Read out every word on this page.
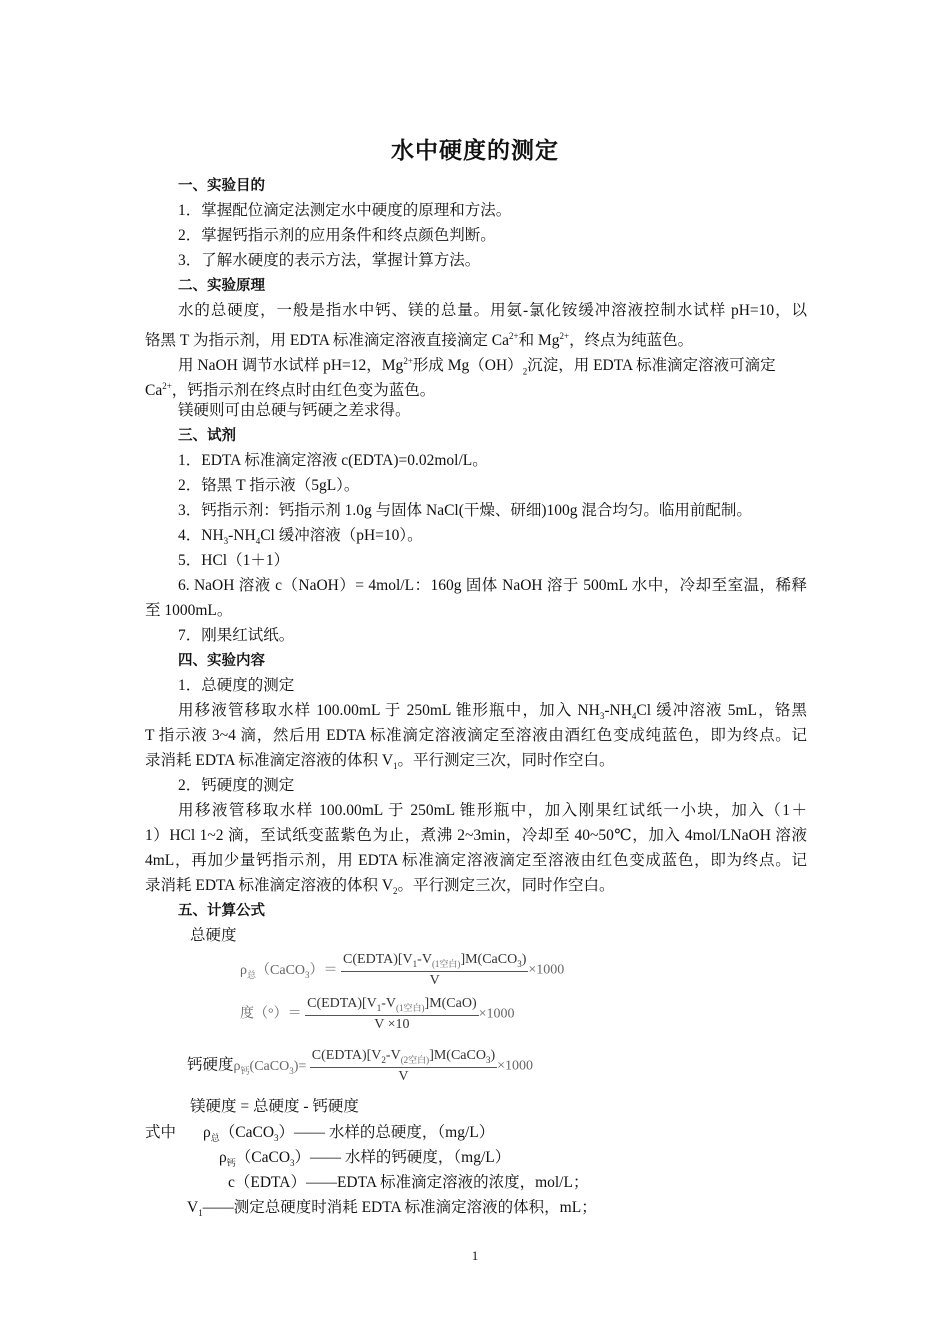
水中硬度的测定
一、实验目的
1．掌握配位滴定法测定水中硬度的原理和方法。
2．掌握钙指示剂的应用条件和终点颜色判断。
3．了解水硬度的表示方法，掌握计算方法。
二、实验原理
水的总硬度，一般是指水中钙、镁的总量。用氨-氯化铵缓冲溶液控制水试样 pH=10，以
铬黑 T 为指示剂，用 EDTA 标准滴定溶液直接滴定 $Ca^{2+}$和 $Mg^{2+}$，终点为纯蓝色。
用 NaOH 调节水试样 pH=12，$Mg^{2+}$形成 $Mg(OH)_2$沉淀，用 EDTA 标准滴定溶液可滴定
$Ca^{2+}$，钙指示剂在终点时由红色变为蓝色。
镁硬则可由总硬与钙硬之差求得。
三、试剂
1．EDTA 标准滴定溶液 c(EDTA)=0.02mol/L。
2．铬黑 T 指示液（5gL）。
3．钙指示剂：钙指示剂 1.0g 与固体 NaCl(干燥、研细)100g 混合均匀。临用前配制。
4．$NH_3-NH_4Cl$ 缓冲溶液（pH=10）。
5．HCl（1＋1）
6. NaOH 溶液 c（NaOH）= 4mol/L：160g 固体 NaOH 溶于 500mL 水中，冷却至室温，稀释
至 1000mL。
7．刚果红试纸。
四、实验内容
1．总硬度的测定
用移液管移取水样 100.00mL 于 250mL 锥形瓶中，加入 $NH_3-NH_4Cl$ 缓冲溶液 5mL，铬黑
T 指示液 3~4 滴，然后用 EDTA 标准滴定溶液滴定至溶液由酒红色变成纯蓝色，即为终点。记
录消耗 EDTA 标准滴定溶液的体积 $V_1$。平行测定三次，同时作空白。
2．钙硬度的测定
用移液管移取水样 100.00mL 于 250mL 锥形瓶中，加入刚果红试纸一小块，加入（1＋
1）HCl 1~2 滴，至试纸变蓝紫色为止，煮沸 2~3min，冷却至 40~50℃，加入 4mol/LNaOH 溶液
4mL，再加少量钙指示剂，用 EDTA 标准滴定溶液滴定至溶液由红色变成蓝色，即为终点。记
录消耗 EDTA 标准滴定溶液的体积 $V_2$。平行测定三次，同时作空白。
五、计算公式
总硬度
$\rho_总(CaCO_3)= \frac{C(EDTA)[V_1-V_{(1空白)}]M(CaCO_3)}{V} \times 1000$
度（°）＝ $\frac{C(EDTA)[V_1-V_{(1空白)}]M(CaO)}{V \times 10} \times 1000$
钙硬度$\rho_钙(CaCO_3)= \frac{C(EDTA)[V_2-V_{(2空白)}]M(CaCO_3)}{V} \times 1000$
镁硬度 = 总硬度 - 钙硬度
式中 $\rho_总(CaCO_3)——$ 水样的总硬度，（mg/L）
$\rho_钙(CaCO_3)——$ 水样的钙硬度，（mg/L）
c（EDTA）——EDTA 标准滴定溶液的浓度，mol/L；
$V_1——$测定总硬度时消耗 EDTA 标准滴定溶液的体积，mL；
1
